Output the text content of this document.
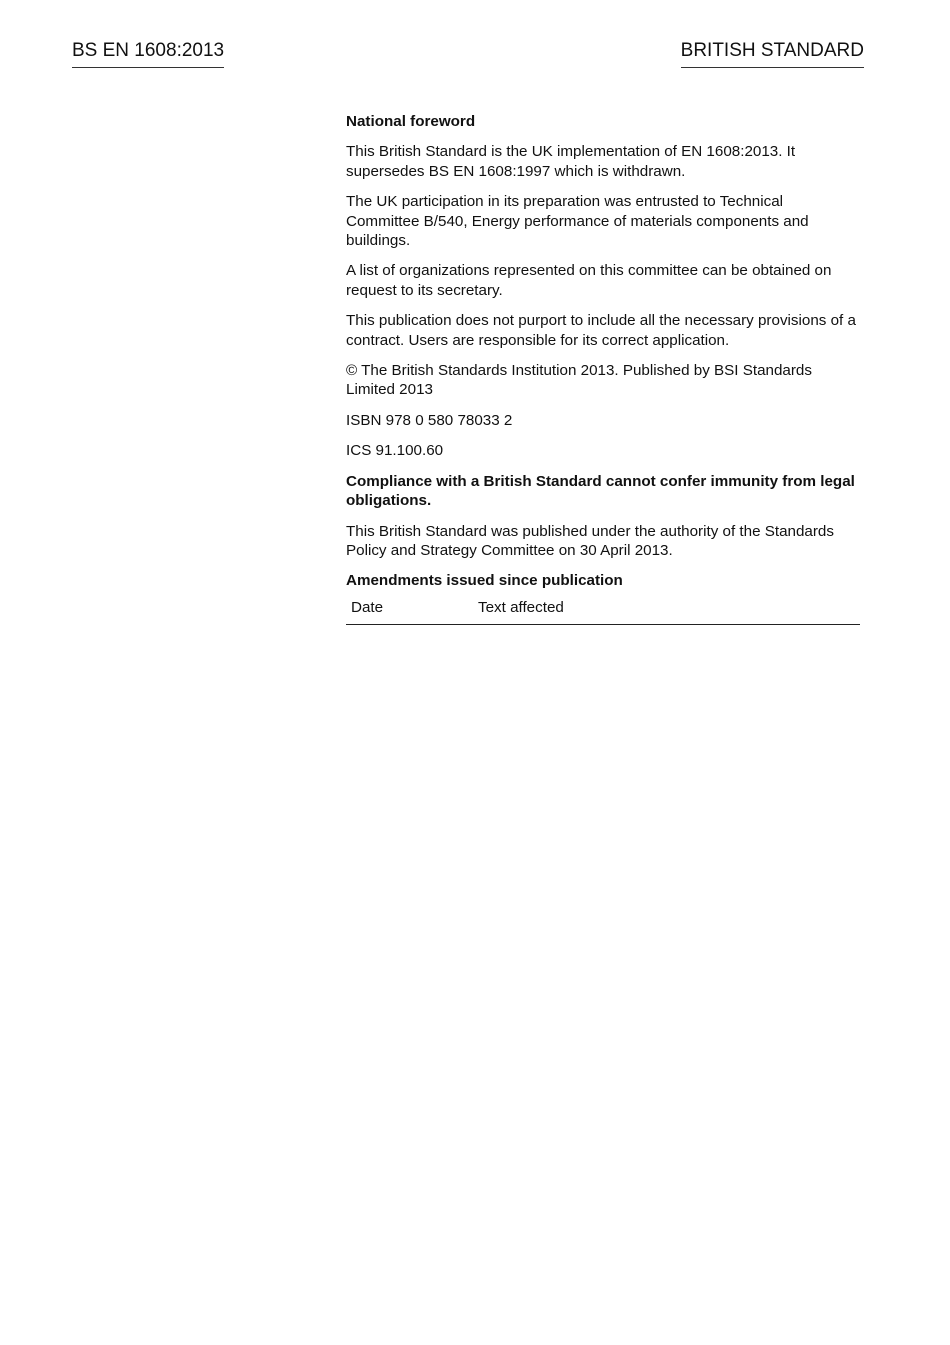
BS EN 1608:2013	BRITISH STANDARD

National foreword

This British Standard is the UK implementation of EN 1608:2013. It supersedes BS EN 1608:1997 which is withdrawn.

The UK participation in its preparation was entrusted to Technical Committee B/540, Energy performance of materials components and buildings.

A list of organizations represented on this committee can be obtained on request to its secretary.

This publication does not purport to include all the necessary provisions of a contract. Users are responsible for its correct application.

© The British Standards Institution 2013. Published by BSI Standards Limited 2013

ISBN 978 0 580 78033 2

ICS 91.100.60

Compliance with a British Standard cannot confer immunity from legal obligations.

This British Standard was published under the authority of the Standards Policy and Strategy Committee on 30 April 2013.

Amendments issued since publication

Date	Text affected
